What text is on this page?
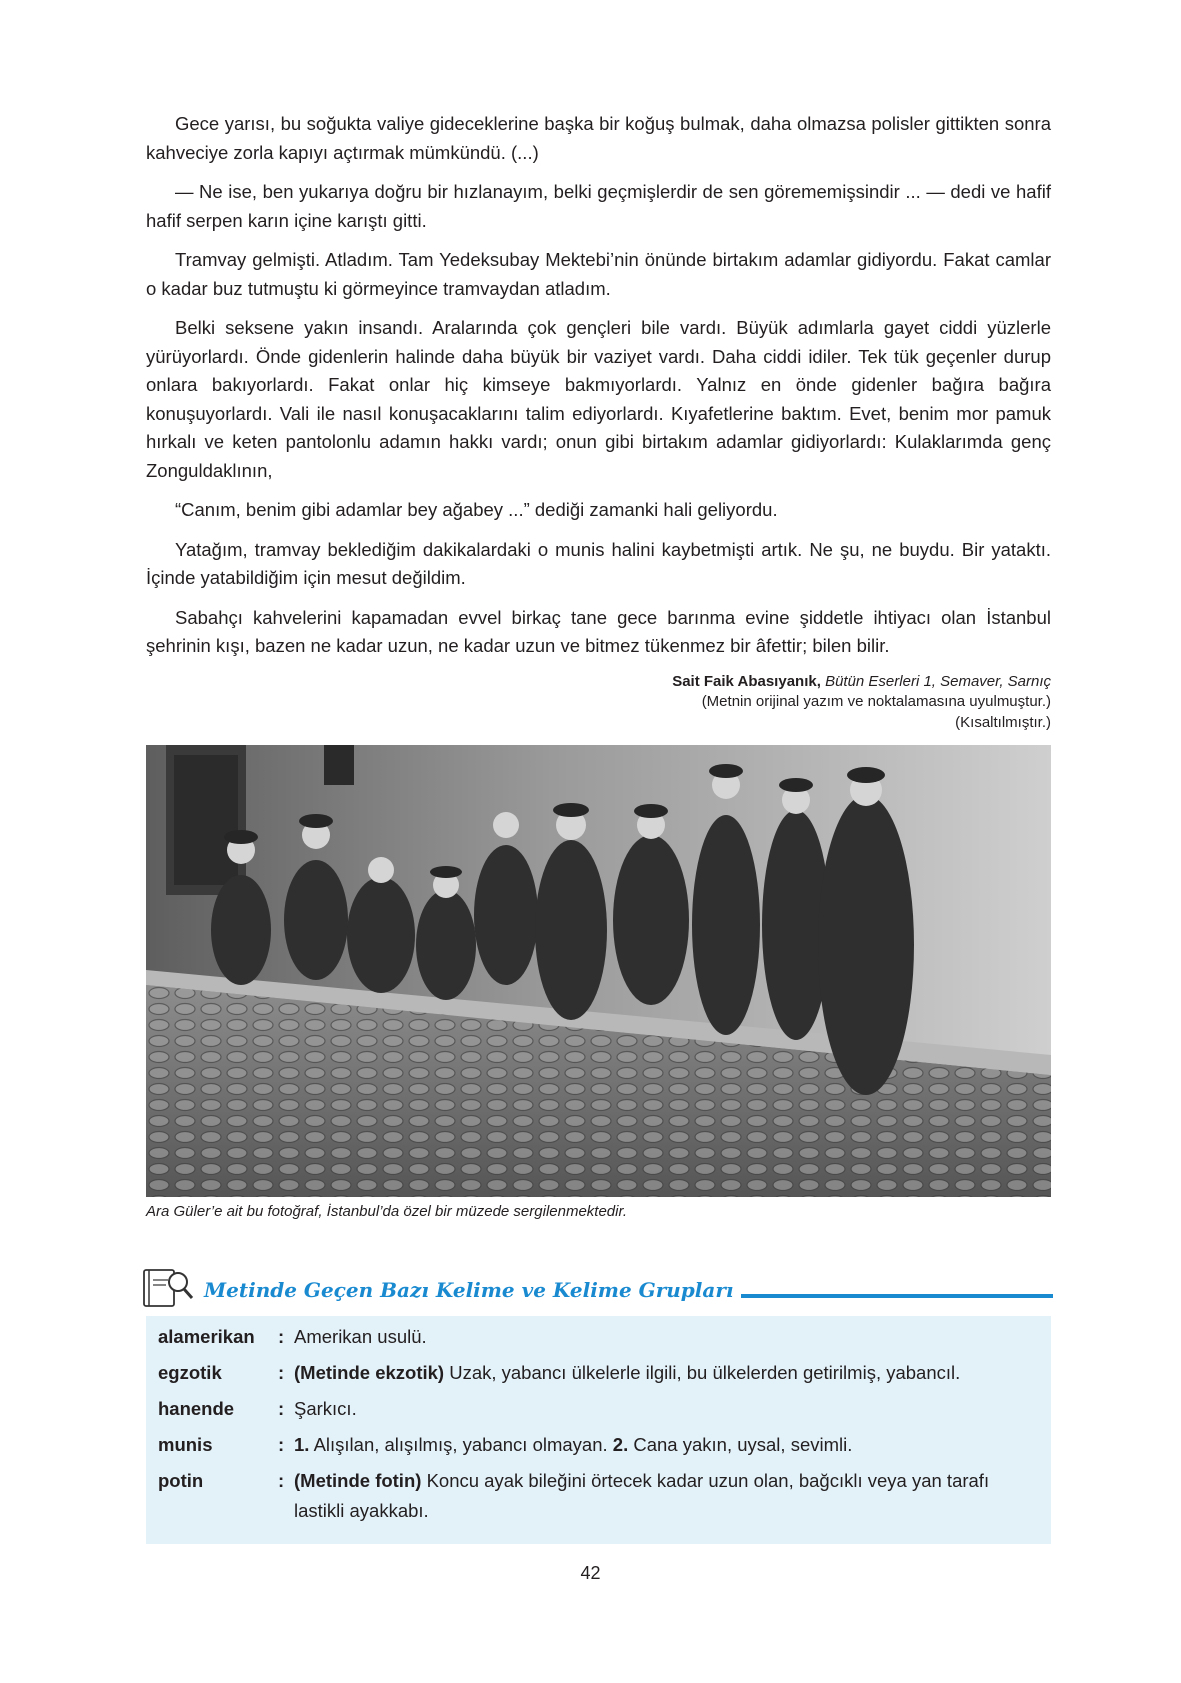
Gece yarısı, bu soğukta valiye gideceklerine başka bir koğuş bulmak, daha olmazsa polisler gittikten sonra kahveciye zorla kapıyı açtırmak mümkündü. (...)

— Ne ise, ben yukarıya doğru bir hızlanayım, belki geçmişlerdir de sen görememişsindir ... — dedi ve hafif hafif serpen karın içine karıştı gitti.

Tramvay gelmişti. Atladım. Tam Yedeksubay Mektebi’nin önünde birtakım adamlar gidiyordu. Fakat camlar o kadar buz tutmuştu ki görmeyince tramvaydan atladım.

Belki seksene yakın insandı. Aralarında çok gençleri bile vardı. Büyük adımlarla gayet ciddi yüzlerle yürüyorlardı. Önde gidenlerin halinde daha büyük bir vaziyet vardı. Daha ciddi idiler. Tek tük geçenler durup onlara bakıyorlardı. Fakat onlar hiç kimseye bakmıyorlardı. Yalnız en önde gidenler bağıra bağıra konuşuyorlardı. Vali ile nasıl konuşacaklarını talim ediyorlardı. Kıyafetlerine baktım. Evet, benim mor pamuk hırkalı ve keten pantolonlu adamın hakkı vardı; onun gibi birtakım adamlar gidiyorlardı: Kulaklarımda genç Zonguldaklının,

“Canım, benim gibi adamlar bey ağabey ...” dediği zamanki hali geliyordu.

Yatağım, tramvay beklediğim dakikalardaki o munis halini kaybetmişti artık. Ne şu, ne buydu. Bir yataktı. İçinde yatabildiğim için mesut değildim.

Sabahçı kahvelerini kapamadan evvel birkaç tane gece barınma evine şiddetle ihtiyacı olan İstanbul şehrinin kışı, bazen ne kadar uzun, ne kadar uzun ve bitmez tükenmez bir âfettir; bilen bilir.

Sait Faik Abasıyanık, Bütün Eserleri 1, Semaver, Sarnıç
(Metnin orijinal yazım ve noktalamasına uyulmuştur.)
(Kısaltılmıştır.)
Ara Güler’e ait bu fotoğraf, İstanbul’da özel bir müzede sergilenmektedir.
Metinde Geçen Bazı Kelime ve Kelime Grupları
alamerikan	: Amerikan usulü.
egzotik	: (Metinde ekzotik) Uzak, yabancı ülkelerle ilgili, bu ülkelerden getirilmiş, yabancıl.
hanende	: Şarkıcı.
munis	: 1. Alışılan, alışılmış, yabancı olmayan. 2. Cana yakın, uysal, sevimli.
potin	: (Metinde fotin) Koncu ayak bileğini örtecek kadar uzun olan, bağcıklı veya yan tarafı lastikli ayakkabı.
42
